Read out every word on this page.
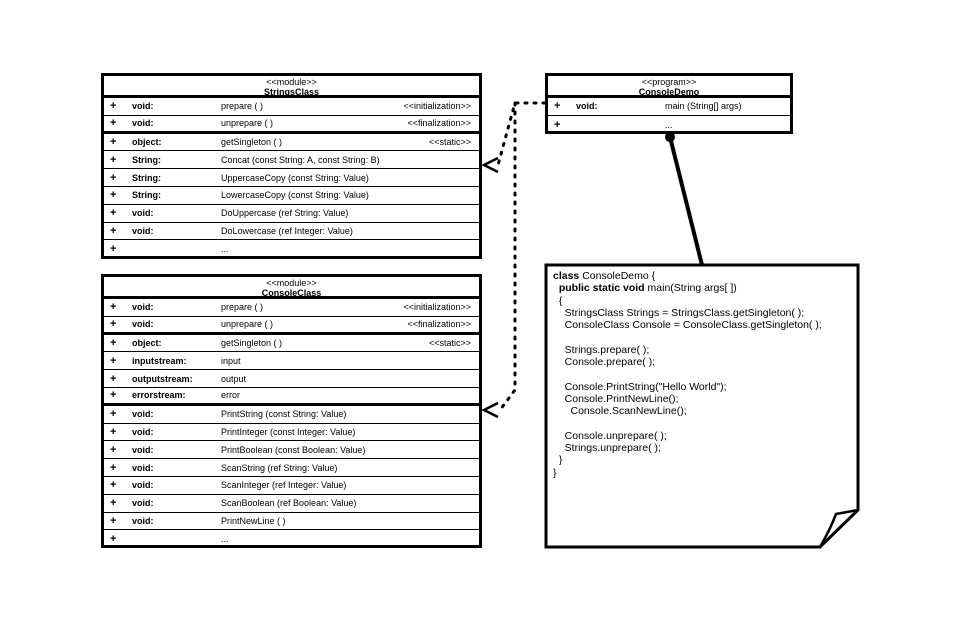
<<module>>
StringsClass
+ void:	prepare ( )	<<initialization>>
+ void:	unprepare ( )	<<finalization>>
+ object:	getSingleton ( )	<<static>>
+ String:	Concat (const String: A, const String: B)
+ String:	UppercaseCopy (const String: Value)
+ String:	LowercaseCopy (const String: Value)
+ void:	DoUppercase (ref String: Value)
+ void:	DoLowercase (ref Integer: Value)
+	...
<<module>>
ConsoleClass
+ void:	prepare ( )	<<initialization>>
+ void:	unprepare ( )	<<finalization>>
+ object:	getSingleton ( )	<<static>>
+ inputstream:	input
+ outputstream:	output
+ errorstream:	error
+ void:	PrintString (const String: Value)
+ void:	PrintInteger (const Integer: Value)
+ void:	PrintBoolean (const Boolean: Value)
+ void:	ScanString (ref String: Value)
+ void:	ScanInteger (ref Integer: Value)
+ void:	ScanBoolean (ref Boolean: Value)
+ void:	PrintNewLine ( )
+	...
<<program>>
ConsoleDemo
+ void:	main (String[] args)
+	...
class ConsoleDemo {
public static void main(String args[ ])
{
StringsClass Strings = StringsClass.getSingleton( );
ConsoleClass Console = ConsoleClass.getSingleton( );

Strings.prepare( );
Console.prepare( );

Console.PrintString("Hello World");
Console.PrintNewLine();
Console.ScanNewLine();

Console.unprepare( );
Strings.unprepare( );
}
}
